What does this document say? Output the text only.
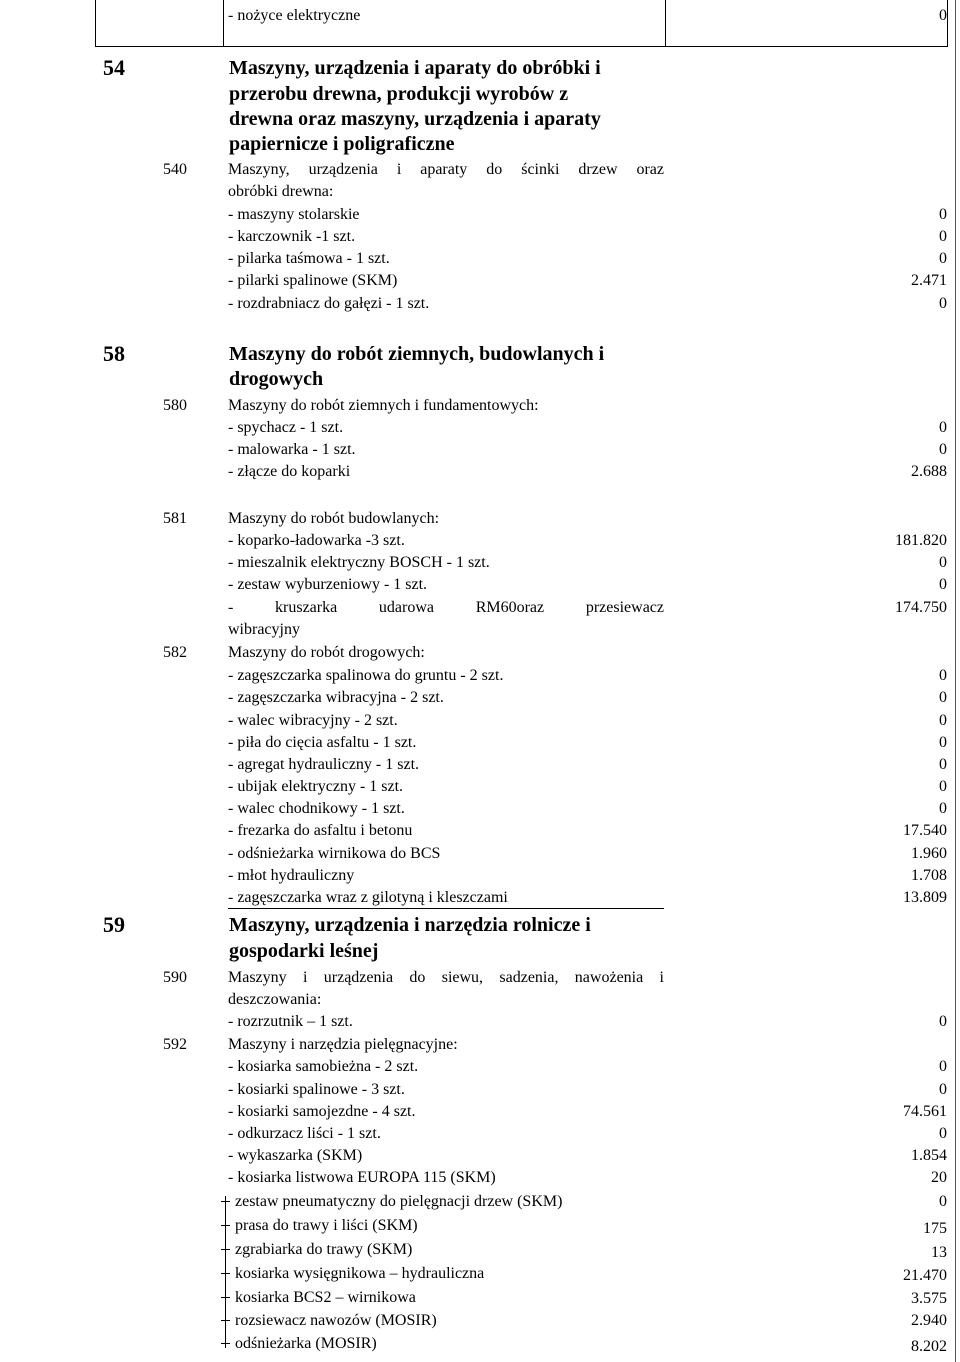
- nożyce elektryczne	0
54	Maszyny, urządzenia i aparaty do obróbki i
przerobu drewna, produkcji wyrobów z
drewna oraz maszyny, urządzenia i aparaty
papiernicze i poligraficzne
540	Maszyny, urządzenia i aparaty do ścinki drzew oraz
obróbki drewna:
- maszyny stolarskie	0
- karczownik -1 szt.	0
- pilarka taśmowa - 1 szt.	0
- pilarki spalinowe (SKM)	2.471
- rozdrabniacz do gałęzi - 1 szt.	0
58	Maszyny do robót ziemnych, budowlanych i
drogowych
580	Maszyny do robót ziemnych i fundamentowych:
- spychacz - 1 szt.	0
- malowarka - 1 szt.	0
- złącze do koparki	2.688
581	Maszyny do robót budowlanych:
- koparko-ładowarka -3 szt.	181.820
- mieszalnik elektryczny BOSCH - 1 szt.	0
- zestaw wyburzeniowy - 1 szt.	0
- kruszarka udarowa RM60oraz przesiewacz	174.750
wibracyjny
582	Maszyny do robót drogowych:
- zagęszczarka spalinowa do gruntu - 2 szt.	0
- zagęszczarka wibracyjna - 2 szt.	0
- walec wibracyjny - 2 szt.	0
- piła do cięcia asfaltu - 1 szt.	0
- agregat hydrauliczny - 1 szt.	0
- ubijak elektryczny - 1 szt.	0
- walec chodnikowy - 1 szt.	0
- frezarka do asfaltu i betonu	17.540
- odśnieżarka wirnikowa do BCS	1.960
- młot hydrauliczny	1.708
- zagęszczarka wraz z gilotyną i kleszczami	13.809
59	Maszyny, urządzenia i narzędzia rolnicze i
gospodarki leśnej
590	Maszyny i urządzenia do siewu, sadzenia, nawożenia i
deszczowania:
- rozrzutnik – 1 szt.	0
592	Maszyny i narzędzia pielęgnacyjne:
- kosiarka samobieżna - 2 szt.	0
- kosiarki spalinowe - 3 szt.	0
- kosiarki samojezdne - 4 szt.	74.561
- odkurzacz liści - 1 szt.	0
- wykaszarka (SKM)	1.854
- kosiarka listwowa EUROPA 115 (SKM)	20
zestaw pneumatyczny do pielęgnacji drzew (SKM)	0
prasa do trawy i liści (SKM)	175
zgrabiarka do trawy (SKM)	13
kosiarka wysięgnikowa – hydrauliczna	21.470
kosiarka BCS2 – wirnikowa	3.575
rozsiewacz nawozów (MOSIR)	2.940
odśnieżarka (MOSIR)	8.202
